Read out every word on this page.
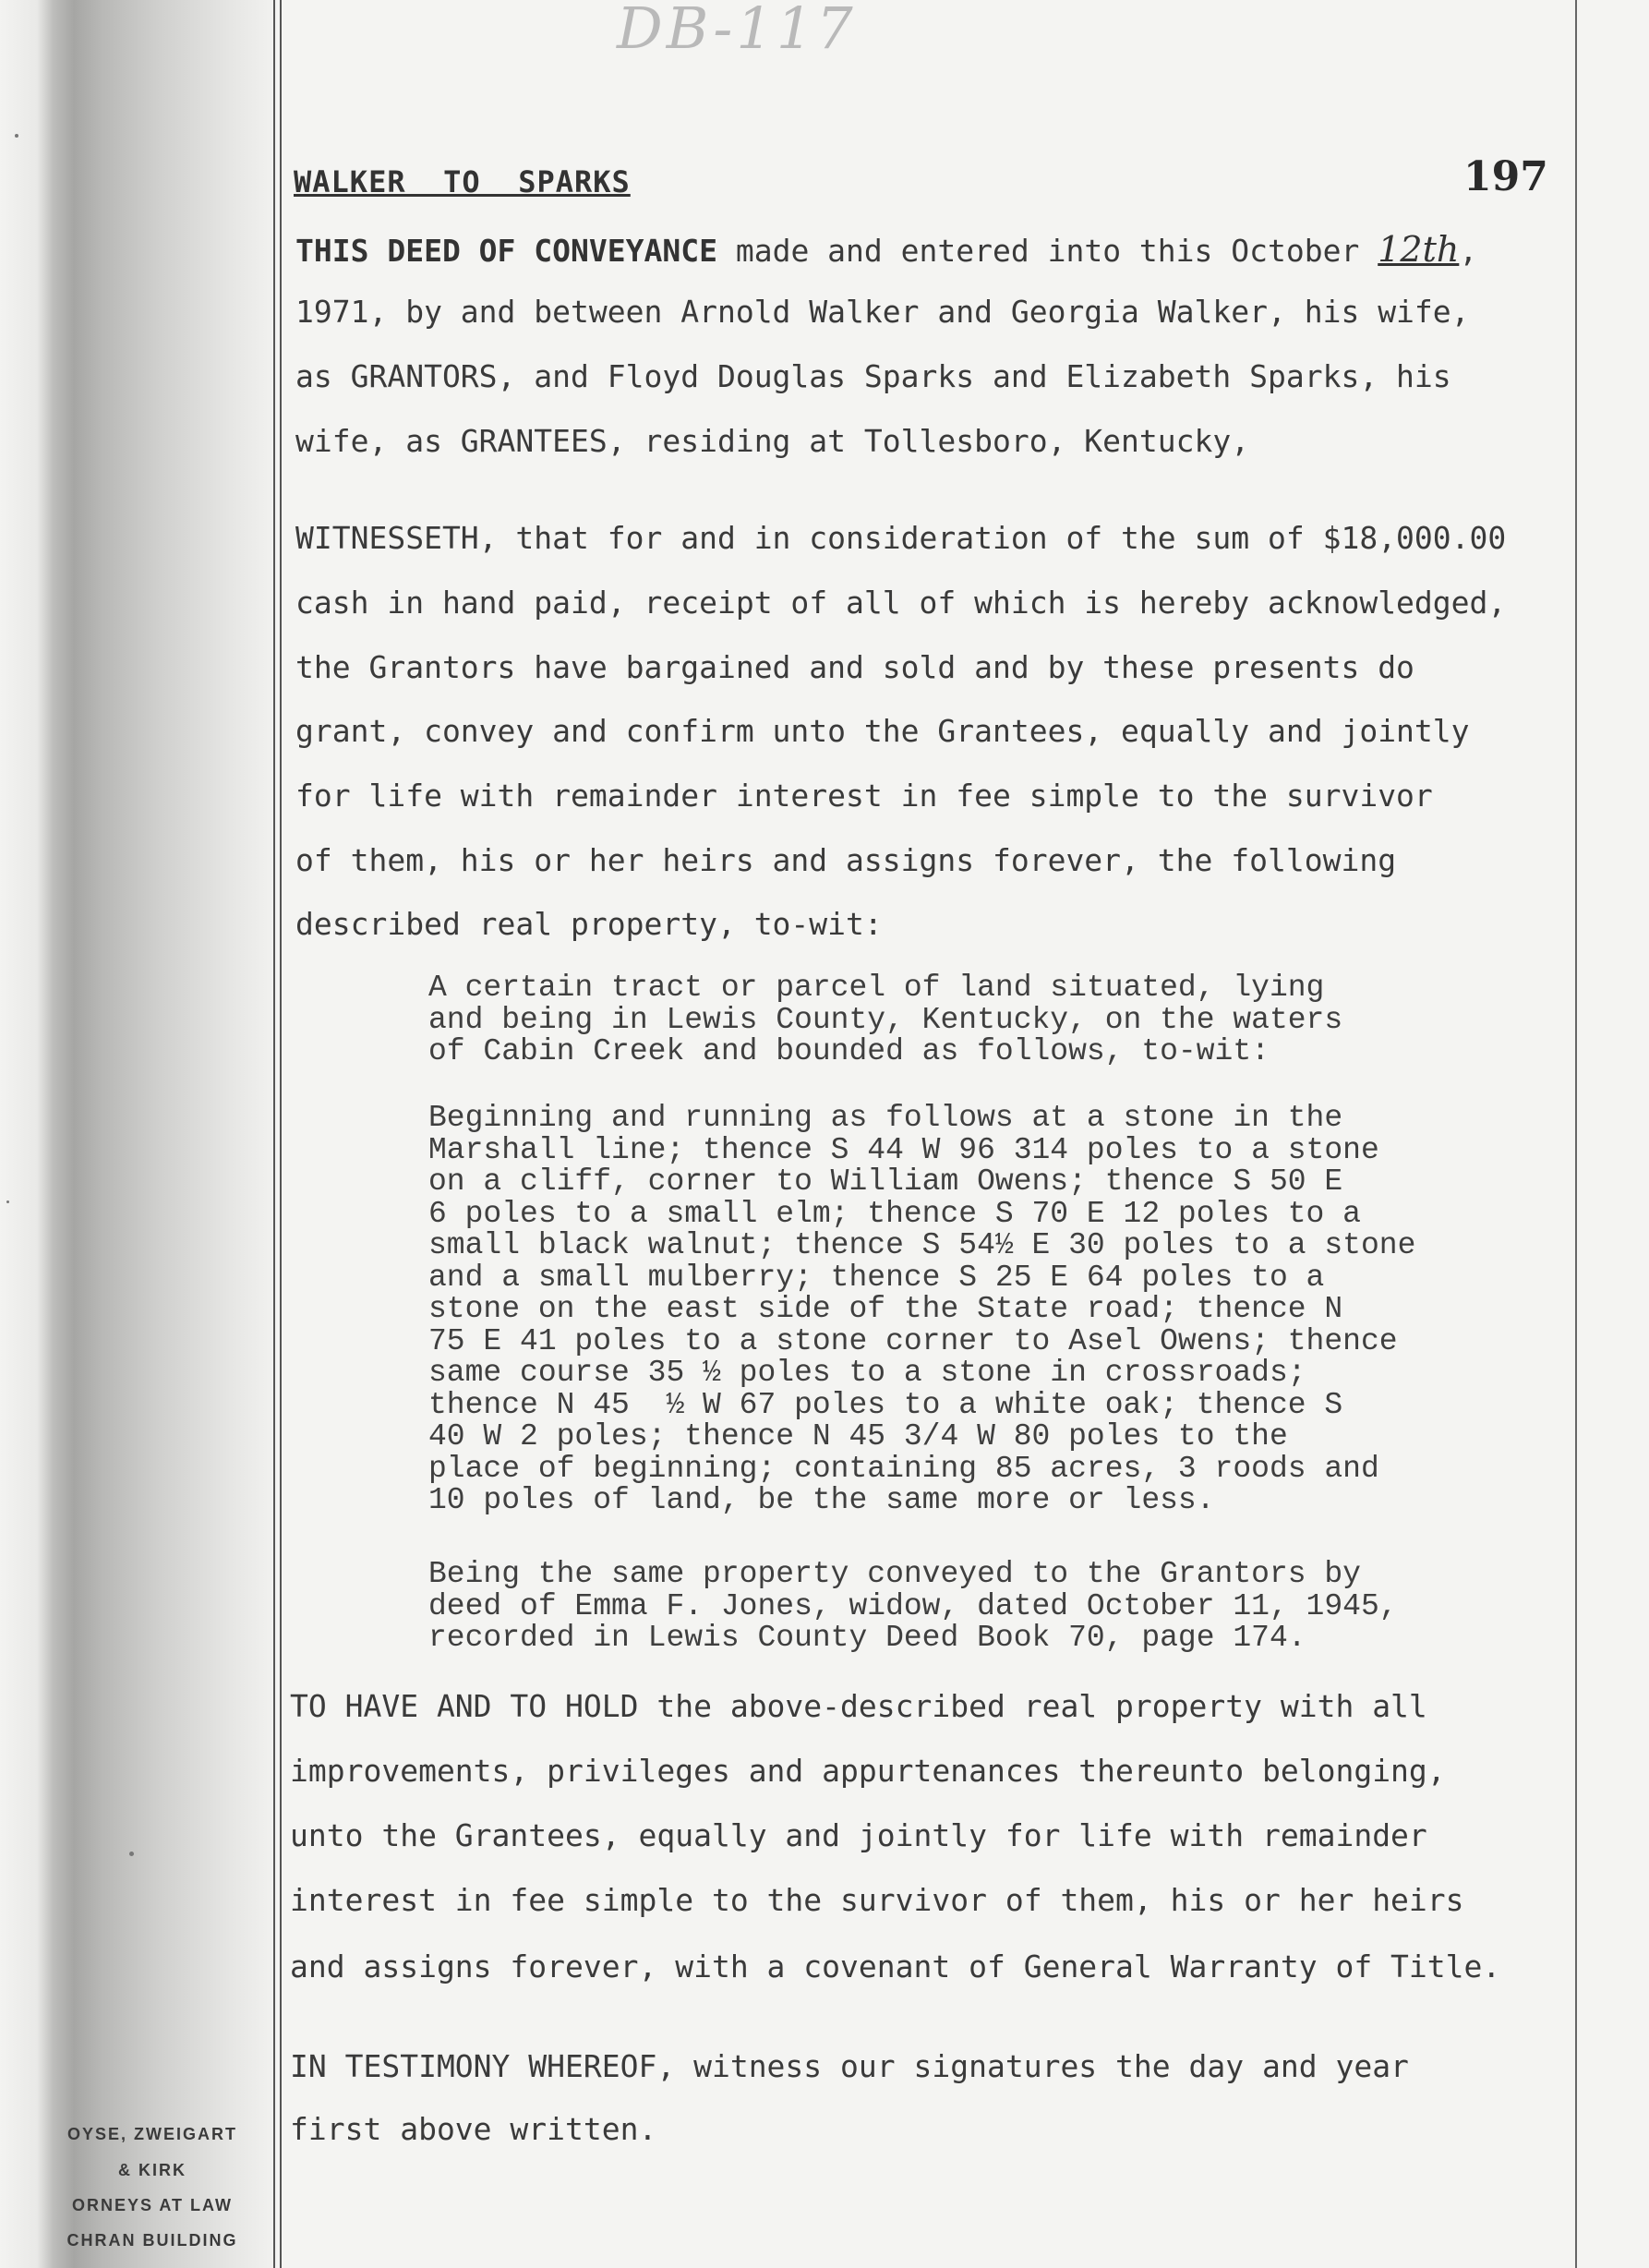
DB-117
WALKER  TO  SPARKS	197
THIS DEED OF CONVEYANCE made and entered into this October 12th,
1971, by and between Arnold Walker and Georgia Walker, his wife,
as GRANTORS, and Floyd Douglas Sparks and Elizabeth Sparks, his
wife, as GRANTEES, residing at Tollesboro, Kentucky,
WITNESSETH, that for and in consideration of the sum of $18,000.00
cash in hand paid, receipt of all of which is hereby acknowledged,
the Grantors have bargained and sold and by these presents do
grant, convey and confirm unto the Grantees, equally and jointly
for life with remainder interest in fee simple to the survivor
of them, his or her heirs and assigns forever, the following
described real property, to-wit:
A certain tract or parcel of land situated, lying
and being in Lewis County, Kentucky, on the waters
of Cabin Creek and bounded as follows, to-wit:
Beginning and running as follows at a stone in the
Marshall line; thence S 44 W 96 314 poles to a stone
on a cliff, corner to William Owens; thence S 50 E
6 poles to a small elm; thence S 70 E 12 poles to a
small black walnut; thence S 54½ E 30 poles to a stone
and a small mulberry; thence S 25 E 64 poles to a
stone on the east side of the State road; thence N
75 E 41 poles to a stone corner to Asel Owens; thence
same course 35 ½ poles to a stone in crossroads;
thence N 45  ½ W 67 poles to a white oak; thence S
40 W 2 poles; thence N 45 3/4 W 80 poles to the
place of beginning; containing 85 acres, 3 roods and
10 poles of land, be the same more or less.
Being the same property conveyed to the Grantors by
deed of Emma F. Jones, widow, dated October 11, 1945,
recorded in Lewis County Deed Book 70, page 174.
TO HAVE AND TO HOLD the above-described real property with all
improvements, privileges and appurtenances thereunto belonging,
unto the Grantees, equally and jointly for life with remainder
interest in fee simple to the survivor of them, his or her heirs
and assigns forever, with a covenant of General Warranty of Title.
IN TESTIMONY WHEREOF, witness our signatures the day and year
first above written.
OYSE, ZWEIGART
& KIRK
ORNEYS AT LAW
CHRAN BUILDING
